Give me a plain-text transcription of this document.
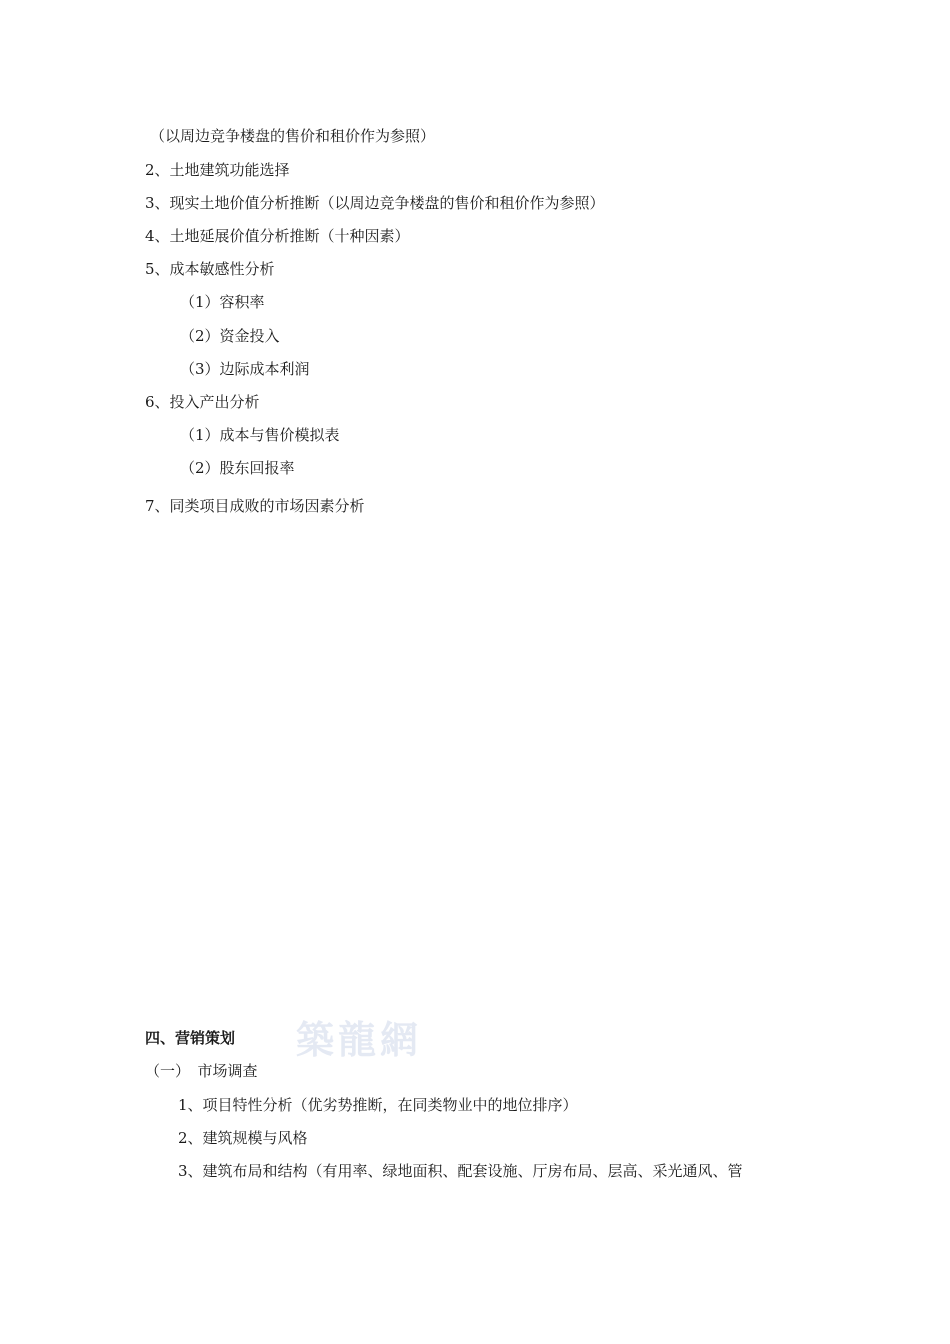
（以周边竞争楼盘的售价和租价作为参照）
2、土地建筑功能选择
3、现实土地价值分析推断（以周边竞争楼盘的售价和租价作为参照）
4、土地延展价值分析推断（十种因素）
5、成本敏感性分析
（1）容积率
（2）资金投入
（3）边际成本利润
6、投入产出分析
（1）成本与售价模拟表
（2）股东回报率
7、同类项目成败的市场因素分析
築龍網
四、营销策划
（一）　市场调查
1、项目特性分析（优劣势推断，在同类物业中的地位排序）
2、建筑规模与风格
3、建筑布局和结构（有用率、绿地面积、配套设施、厅房布局、层高、采光通风、管
